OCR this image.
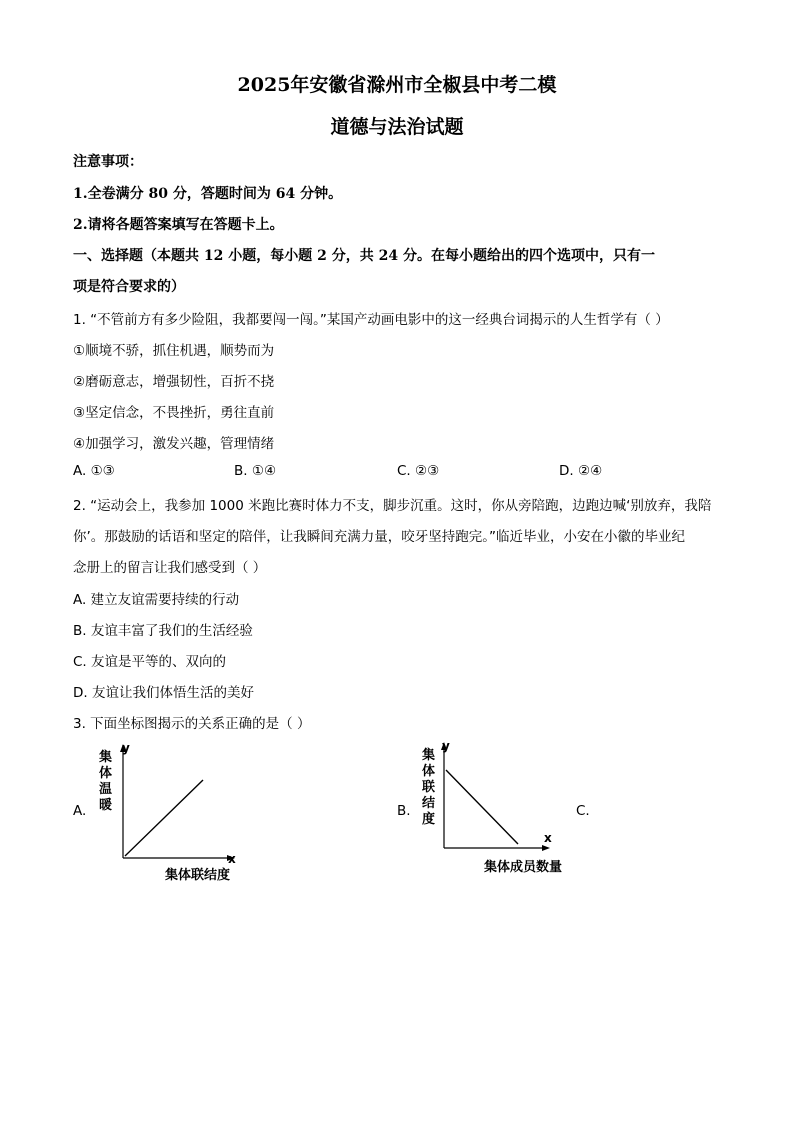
2025年安徽省滁州市全椒县中考二模
道德与法治试题
注意事项：
1.全卷满分 80 分，答题时间为 64 分钟。
2.请将各题答案填写在答题卡上。
一、选择题（本题共 12 小题，每小题 2 分，共 24 分。在每小题给出的四个选项中，只有一
项是符合要求的）
1. “不管前方有多少险阻，我都要闯一闯。”某国产动画电影中的这一经典台词揭示的人生哲学有（ ）
①顺境不骄，抓住机遇，顺势而为
②磨砺意志，增强韧性，百折不挠
③坚定信念，不畏挫折，勇往直前
④加强学习，激发兴趣，管理情绪
A. ①③	B. ①④	C. ②③	D. ②④
2. “运动会上，我参加 1000 米跑比赛时体力不支，脚步沉重。这时，你从旁陪跑，边跑边喊‘别放弃，我陪
你’。那鼓励的话语和坚定的陪伴，让我瞬间充满力量，咬牙坚持跑完。”临近毕业，小安在小徽的毕业纪
念册上的留言让我们感受到（ ）
A. 建立友谊需要持续的行动
B. 友谊丰富了我们的生活经验
C. 友谊是平等的、双向的
D. 友谊让我们体悟生活的美好
3. 下面坐标图揭示的关系正确的是（ ）
A.
y
x
集体温暖
集体联结度
B.
y
x
集体联结度
集体成员数量
C.
